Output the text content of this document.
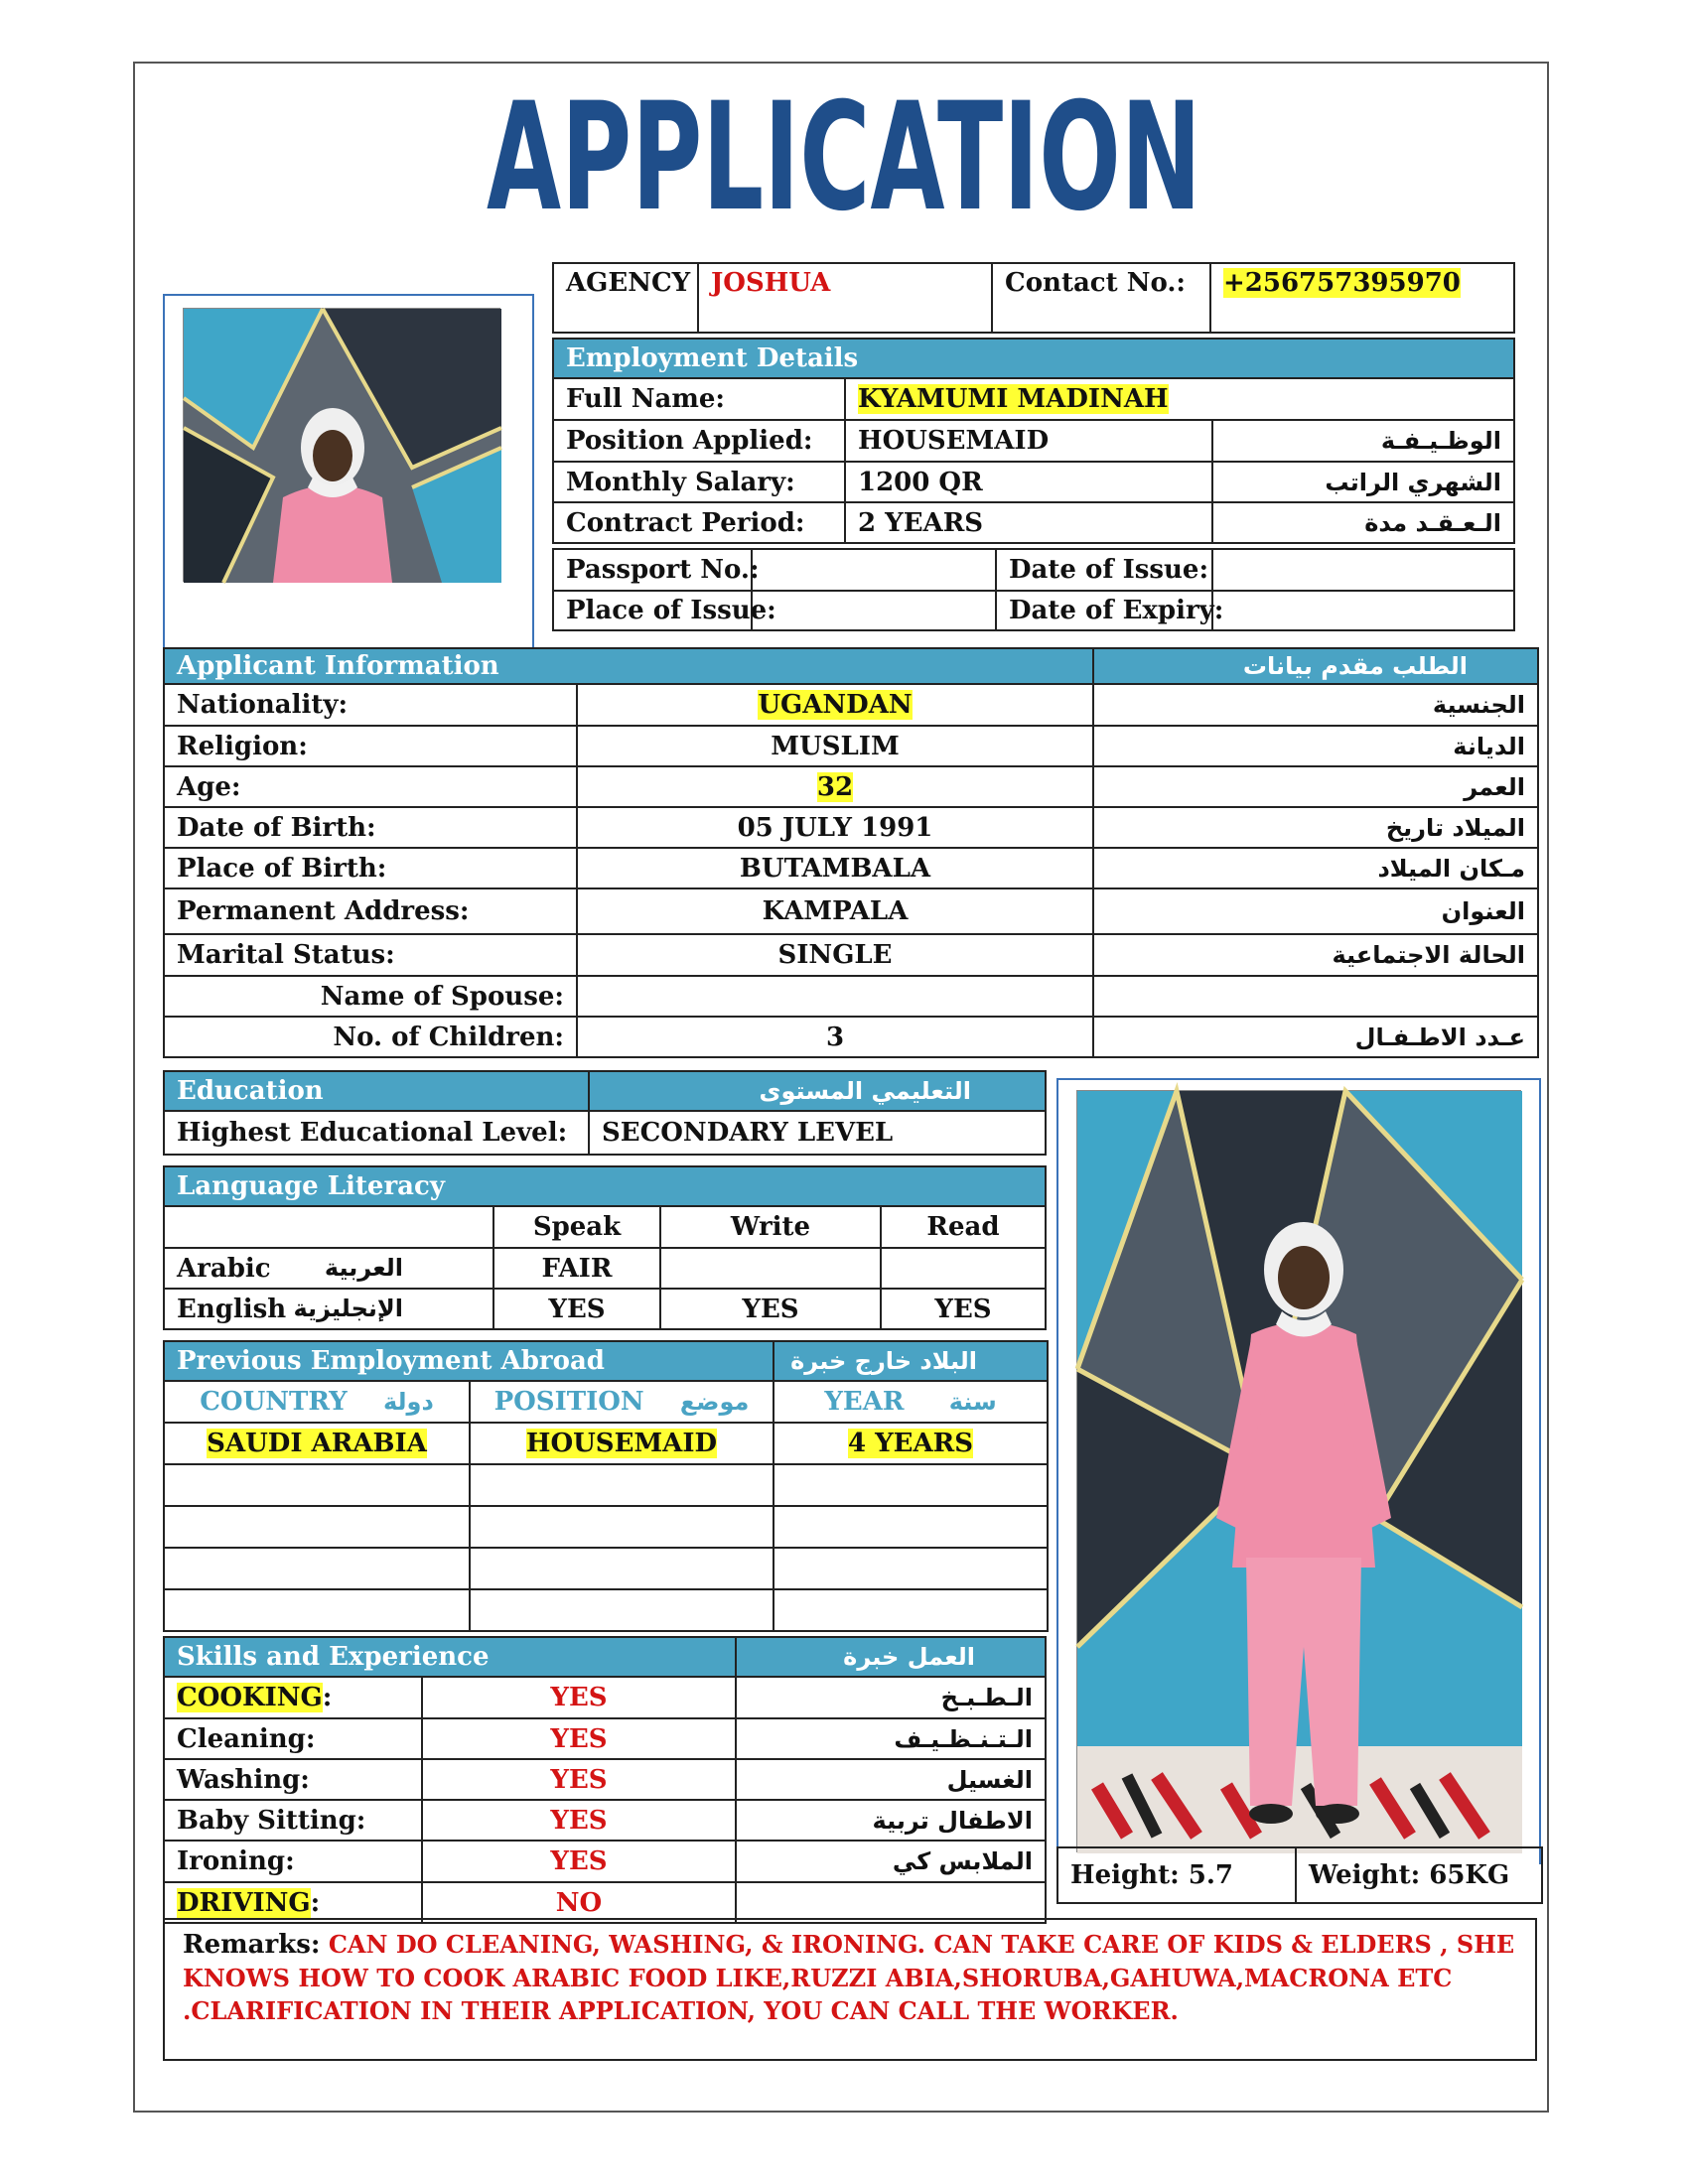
APPLICATION
AGENCY	JOSHUA	Contact No.:	+256757395970
Employment Details		
Full Name:	KYAMUMI MADINAH	
Position Applied:	HOUSEMAID	الوظـيـفـة
Monthly Salary:	1200 QR	الشهري الراتب
Contract Period:	2 YEARS	الـعـقـد مدة
Passport No.:		Date of Issue:	
Place of Issue:		Date of Expiry:	
Applicant Information		الطلب مقدم بيانات
Nationality:	UGANDAN	الجنسية
Religion:	MUSLIM	الديانة
Age:	32	العمر
Date of Birth:	05 JULY 1991	الميلاد تاريخ
Place of Birth:	BUTAMBALA	مـكان الميلاد
Permanent Address:	KAMPALA	العنوان
Marital Status:	SINGLE	الحالة الاجتماعية
Name of Spouse:		
No. of Children:	3	عـدد الاطـفـال
Education	التعليمي المستوى
Highest Educational Level:	SECONDARY LEVEL
Language Literacy			
	Speak	Write	Read
Arabic العربية	FAIR		
English الإنجليزية	YES	YES	YES
Previous Employment Abroad		البلاد خارج خبرة
COUNTRY دولة	POSITION موضع	YEAR سنة
SAUDI ARABIA	HOUSEMAID	4 YEARS

Skills and Experience		العمل خبرة
COOKING:	YES	الـطـبـخ
Cleaning:	YES	الـتـنـظـيـف
Washing:	YES	الغسيل
Baby Sitting:	YES	الاطفال تربية
Ironing:	YES	الملابس كي
DRIVING:	NO	
Height: 5.7	Weight: 65KG
Remarks: CAN DO CLEANING, WASHING, & IRONING. CAN TAKE CARE OF KIDS & ELDERS , SHE KNOWS HOW TO COOK ARABIC FOOD LIKE,RUZZI ABIA,SHORUBA,GAHUWA,MACRONA ETC .CLARIFICATION IN THEIR APPLICATION, YOU CAN CALL THE WORKER.
